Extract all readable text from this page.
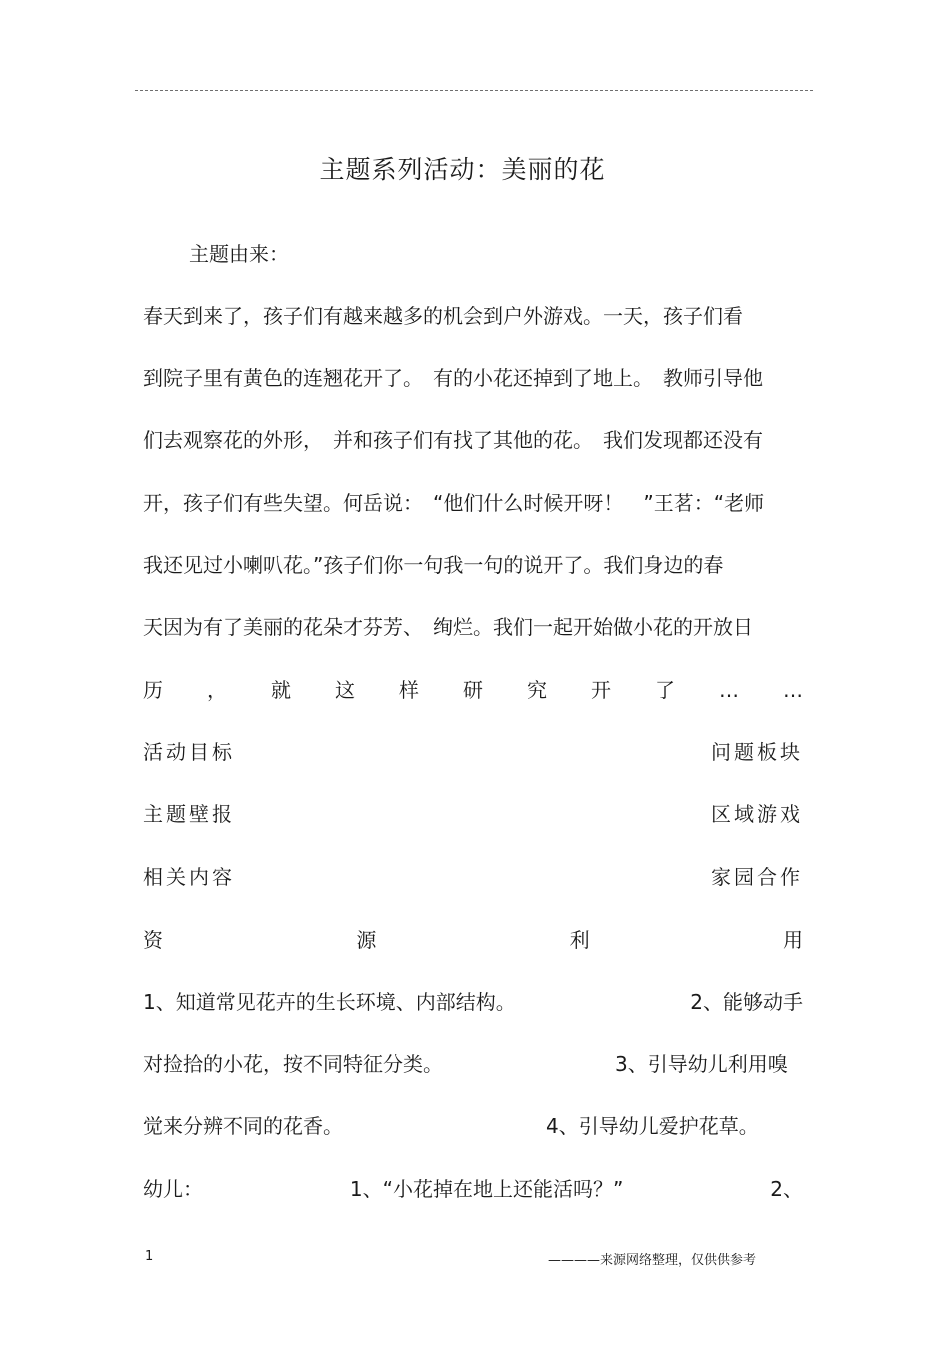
主题系列活动：美丽的花
主题由来：
春天到来了，孩子们有越来越多的机会到户外游戏。一天，孩子们看
到院子里有黄色的连翘花开了。　有的小花还掉到了地上。　教师引导他
们去观察花的外形，　并和孩子们有找了其他的花。　我们发现都还没有
开，孩子们有些失望。何岳说：　“他们什么时候开呀！　”王茗：“老师
我还见过小喇叭花。”孩子们你一句我一句的说开了。我们身边的春
天因为有了美丽的花朵才芬芳、　绚烂。我们一起开始做小花的开放日
历 ， 就 这 样 研 究 开 了 … …
活动目标	问题板块
主题壁报	区域游戏
相关内容	家园合作
资	源	利	用
1、知道常见花卉的生长环境、内部结构。	2、能够动手
对捡拾的小花，按不同特征分类。	3、引导幼儿利用嗅
觉来分辨不同的花香。	4、引导幼儿爱护花草。
幼儿：	1、“小花掉在地上还能活吗？”	2、
1	————来源网络整理，仅供供参考
